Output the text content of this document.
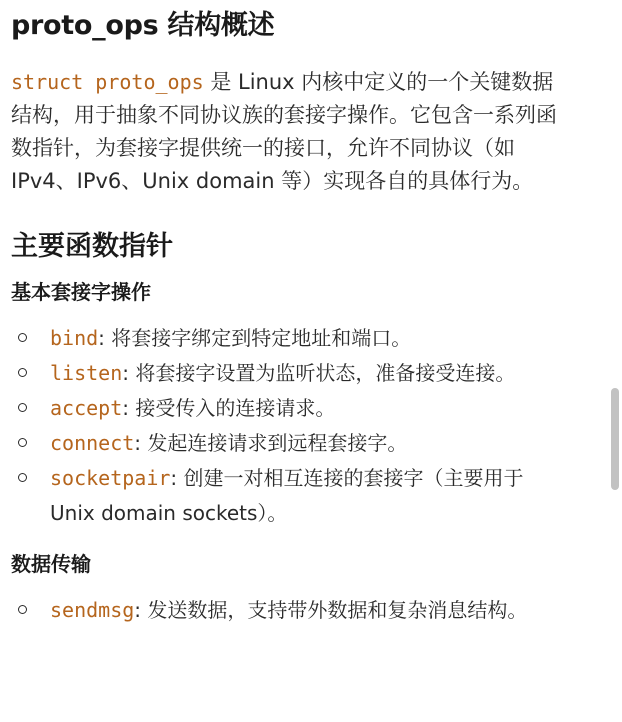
proto_ops 结构概述

struct proto_ops 是 Linux 内核中定义的一个关键数据结构，用于抽象不同协议族的套接字操作。它包含一系列函数指针，为套接字提供统一的接口，允许不同协议（如 IPv4、IPv6、Unix domain 等）实现各自的具体行为。

主要函数指针
基本套接字操作
bind: 将套接字绑定到特定地址和端口。
listen: 将套接字设置为监听状态，准备接受连接。
accept: 接受传入的连接请求。
connect: 发起连接请求到远程套接字。
socketpair: 创建一对相互连接的套接字（主要用于 Unix domain sockets）。
数据传输
sendmsg: 发送数据，支持带外数据和复杂消息结构。
